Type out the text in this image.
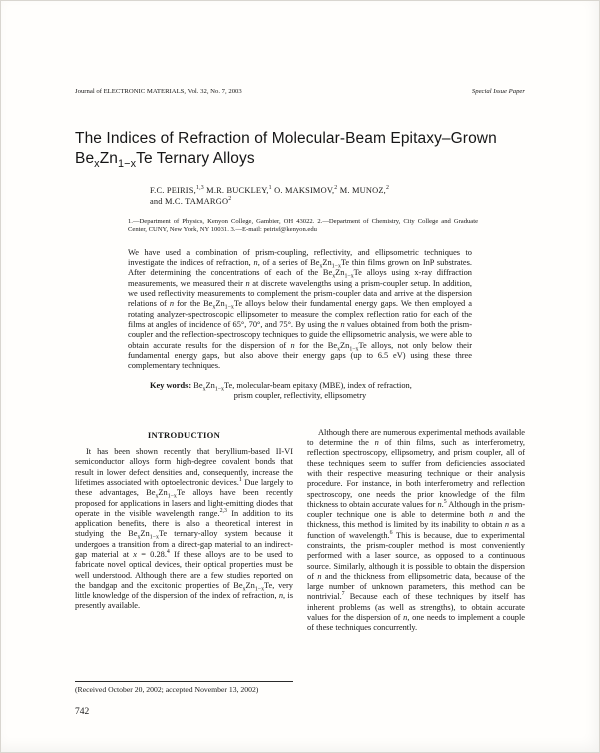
Journal of ELECTRONIC MATERIALS, Vol. 32, No. 7, 2003	Special Issue Paper
The Indices of Refraction of Molecular-Beam Epitaxy–Grown $Be_xZn_{1-x}Te$ Ternary Alloys
F.C. PEIRIS,$^{1,3}$ M.R. BUCKLEY,$^1$ O. MAKSIMOV,$^2$ M. MUNOZ,$^2$
and M.C. TAMARGO$^2$
1.—Department of Physics, Kenyon College, Gambier, OH 43022. 2.—Department of Chemistry, City College and Graduate Center, CUNY, New York, NY 10031. 3.—E-mail: peirisf@kenyon.edu

We have used a combination of prism-coupling, reflectivity, and ellipsometric techniques to investigate the indices of refraction, n, of a series of $Be_xZn_{1-x}Te$ thin films grown on InP substrates. After determining the concentrations of each of the $Be_xZn_{1-x}Te$ alloys using x-ray diffraction measurements, we measured their n at discrete wavelengths using a prism-coupler setup. In addition, we used reflectivity measurements to complement the prism-coupler data and arrive at the dispersion relations of n for the $Be_xZn_{1-x}Te$ alloys below their fundamental energy gaps. We then employed a rotating analyzer-spectroscopic ellipsometer to measure the complex reflection ratio for each of the films at angles of incidence of 65°, 70°, and 75°. By using the n values obtained from both the prism-coupler and the reflection-spectroscopy techniques to guide the ellipsometric analysis, we were able to obtain accurate results for the dispersion of n for the $Be_xZn_{1-x}Te$ alloys, not only below their fundamental energy gaps, but also above their energy gaps (up to 6.5 eV) using these three complementary techniques.

Key words: $Be_xZn_{1-x}Te$, molecular-beam epitaxy (MBE), index of refraction,
prism coupler, reflectivity, ellipsometry
INTRODUCTION

It has been shown recently that beryllium-based II-VI semiconductor alloys form high-degree covalent bonds that result in lower defect densities and, consequently, increase the lifetimes associated with optoelectronic devices.$^1$ Due largely to these advantages, $Be_xZn_{1-x}Te$ alloys have been recently proposed for applications in lasers and light-emitting diodes that operate in the visible wavelength range.$^{2,3}$ In addition to its application benefits, there is also a theoretical interest in studying the $Be_xZn_{1-x}Te$ ternary-alloy system because it undergoes a transition from a direct-gap material to an indirect-gap material at x = 0.28.$^4$ If these alloys are to be used to fabricate novel optical devices, their optical properties must be well understood. Although there are a few studies reported on the bandgap and the excitonic properties of $Be_xZn_{1-x}Te$, very little knowledge of the dispersion of the index of refraction, n, is presently available.

(Received October 20, 2002; accepted November 13, 2002)

Although there are numerous experimental methods available to determine the n of thin films, such as interferometry, reflection spectroscopy, ellipsometry, and prism coupler, all of these techniques seem to suffer from deficiencies associated with their respective measuring technique or their analysis procedure. For instance, in both interferometry and reflection spectroscopy, one needs the prior knowledge of the film thickness to obtain accurate values for n.$^5$ Although in the prism-coupler technique one is able to determine both n and the thickness, this method is limited by its inability to obtain n as a function of wavelength.$^6$ This is because, due to experimental constraints, the prism-coupler method is most conveniently performed with a laser source, as opposed to a continuous source. Similarly, although it is possible to obtain the dispersion of n and the thickness from ellipsometric data, because of the large number of unknown parameters, this method can be nontrivial.$^7$ Because each of these techniques by itself has inherent problems (as well as strengths), to obtain accurate values for the dispersion of n, one needs to implement a couple of these techniques concurrently.

742
